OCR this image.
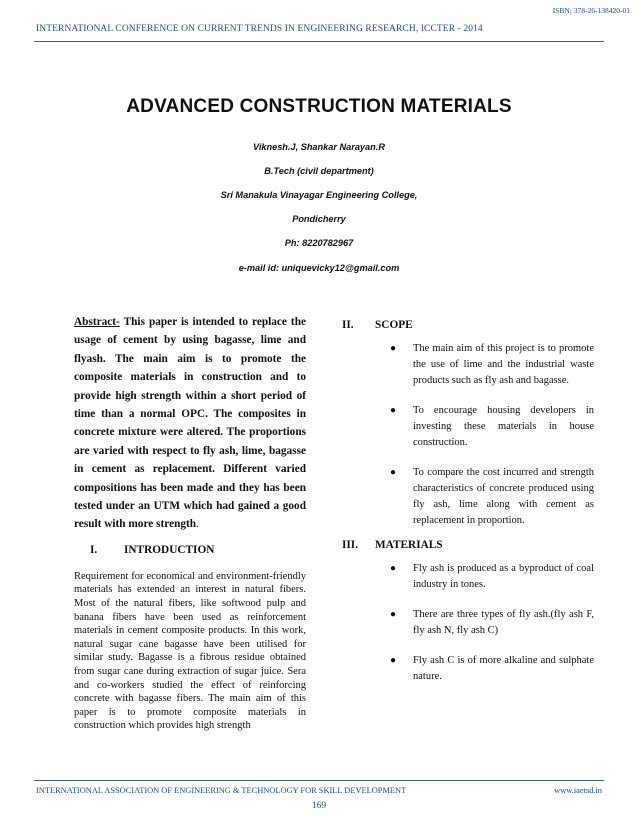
ISBN: 378-26-138420-01
INTERNATIONAL CONFERENCE ON CURRENT TRENDS IN ENGINEERING RESEARCH, ICCTER - 2014
ADVANCED CONSTRUCTION MATERIALS
Viknesh.J, Shankar Narayan.R
B.Tech (civil department)
Sri Manakula Vinayagar Engineering College,
Pondicherry
Ph: 8220782967
e-mail id: uniquevicky12@gmail.com
Abstract- This paper is intended to replace the usage of cement by using bagasse, lime and flyash. The main aim is to promote the composite materials in construction and to provide high strength within a short period of time than a normal OPC. The composites in concrete mixture were altered. The proportions are varied with respect to fly ash, lime, bagasse in cement as replacement. Different varied compositions has been made and they has been tested under an UTM which had gained a good result with more strength.
I. INTRODUCTION
Requirement for economical and environment-friendly materials has extended an interest in natural fibers. Most of the natural fibers, like softwood pulp and banana fibers have been used as reinforcement materials in cement composite products. In this work, natural sugar cane bagasse have been utilised for similar study. Bagasse is a fibrous residue obtained from sugar cane during extraction of sugar juice. Sera and co-workers studied the effect of reinforcing concrete with bagasse fibers. The main aim of this paper is to promote composite materials in construction which provides high strength
II. SCOPE
● The main aim of this project is to promote the use of lime and the industrial waste products such as fly ash and bagasse.
● To encourage housing developers in investing these materials in house construction.
● To compare the cost incurred and strength characteristics of concrete produced using fly ash, lime along with cement as replacement in proportion.
III. MATERIALS
● Fly ash is produced as a byproduct of coal industry in tones.
● There are three types of fly ash.(fly ash F, fly ash N, fly ash C)
● Fly ash C is of more alkaline and sulphate nature.
INTERNATIONAL ASSOCIATION OF ENGINEERING & TECHNOLOGY FOR SKILL DEVELOPMENT	www.iaetsd.in
169
